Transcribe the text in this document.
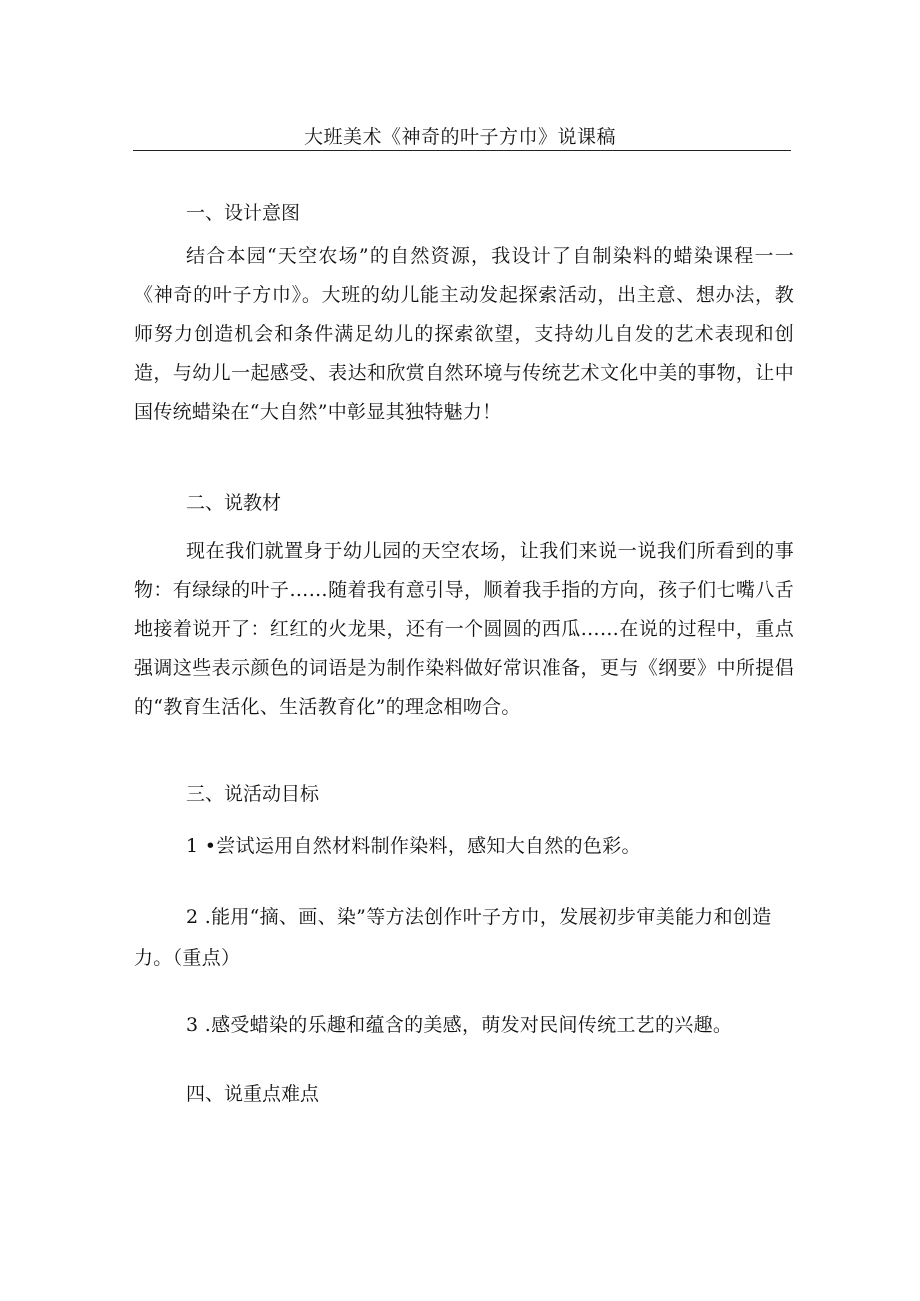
大班美术《神奇的叶子方巾》说课稿
一、设计意图
结合本园“天空农场”的自然资源，我设计了自制染料的蜡染课程一一《神奇的叶子方巾》。大班的幼儿能主动发起探索活动，出主意、想办法，教师努力创造机会和条件满足幼儿的探索欲望，支持幼儿自发的艺术表现和创造，与幼儿一起感受、表达和欣赏自然环境与传统艺术文化中美的事物，让中国传统蜡染在“大自然”中彰显其独特魅力！
二、说教材
现在我们就置身于幼儿园的天空农场，让我们来说一说我们所看到的事物：有绿绿的叶子……随着我有意引导，顺着我手指的方向，孩子们七嘴八舌地接着说开了：红红的火龙果，还有一个圆圆的西瓜……在说的过程中，重点强调这些表示颜色的词语是为制作染料做好常识准备，更与《纲要》中所提倡的“教育生活化、生活教育化”的理念相吻合。
三、说活动目标
1 •尝试运用自然材料制作染料，感知大自然的色彩。
2 .能用“摘、画、染”等方法创作叶子方巾，发展初步审美能力和创造力。（重点）
3 .感受蜡染的乐趣和蕴含的美感，萌发对民间传统工艺的兴趣。
四、说重点难点
